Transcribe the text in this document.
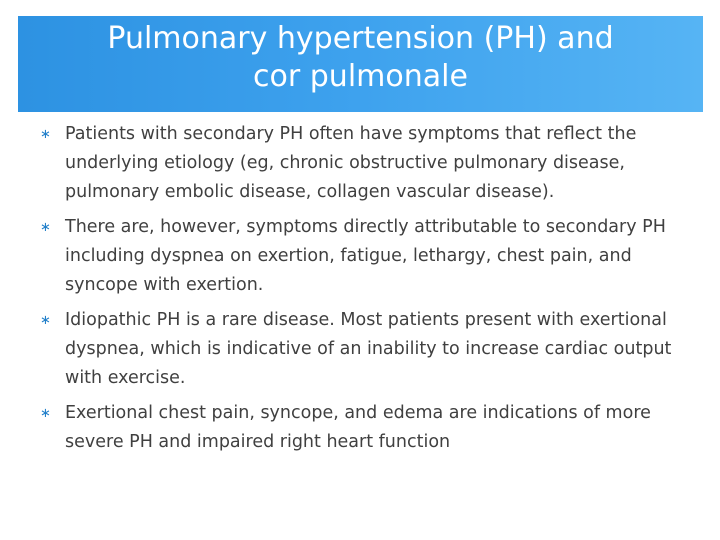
Pulmonary hypertension (PH) and
cor pulmonale
∗ Patients with secondary PH often have symptoms that reflect the underlying etiology (eg, chronic obstructive pulmonary disease, pulmonary embolic disease, collagen vascular disease).
∗ There are, however, symptoms directly attributable to secondary PH including dyspnea on exertion, fatigue, lethargy, chest pain, and syncope with exertion.
∗ Idiopathic PH is a rare disease. Most patients present with exertional dyspnea, which is indicative of an inability to increase cardiac output with exercise.
∗ Exertional chest pain, syncope, and edema are indications of more severe PH and impaired right heart function
